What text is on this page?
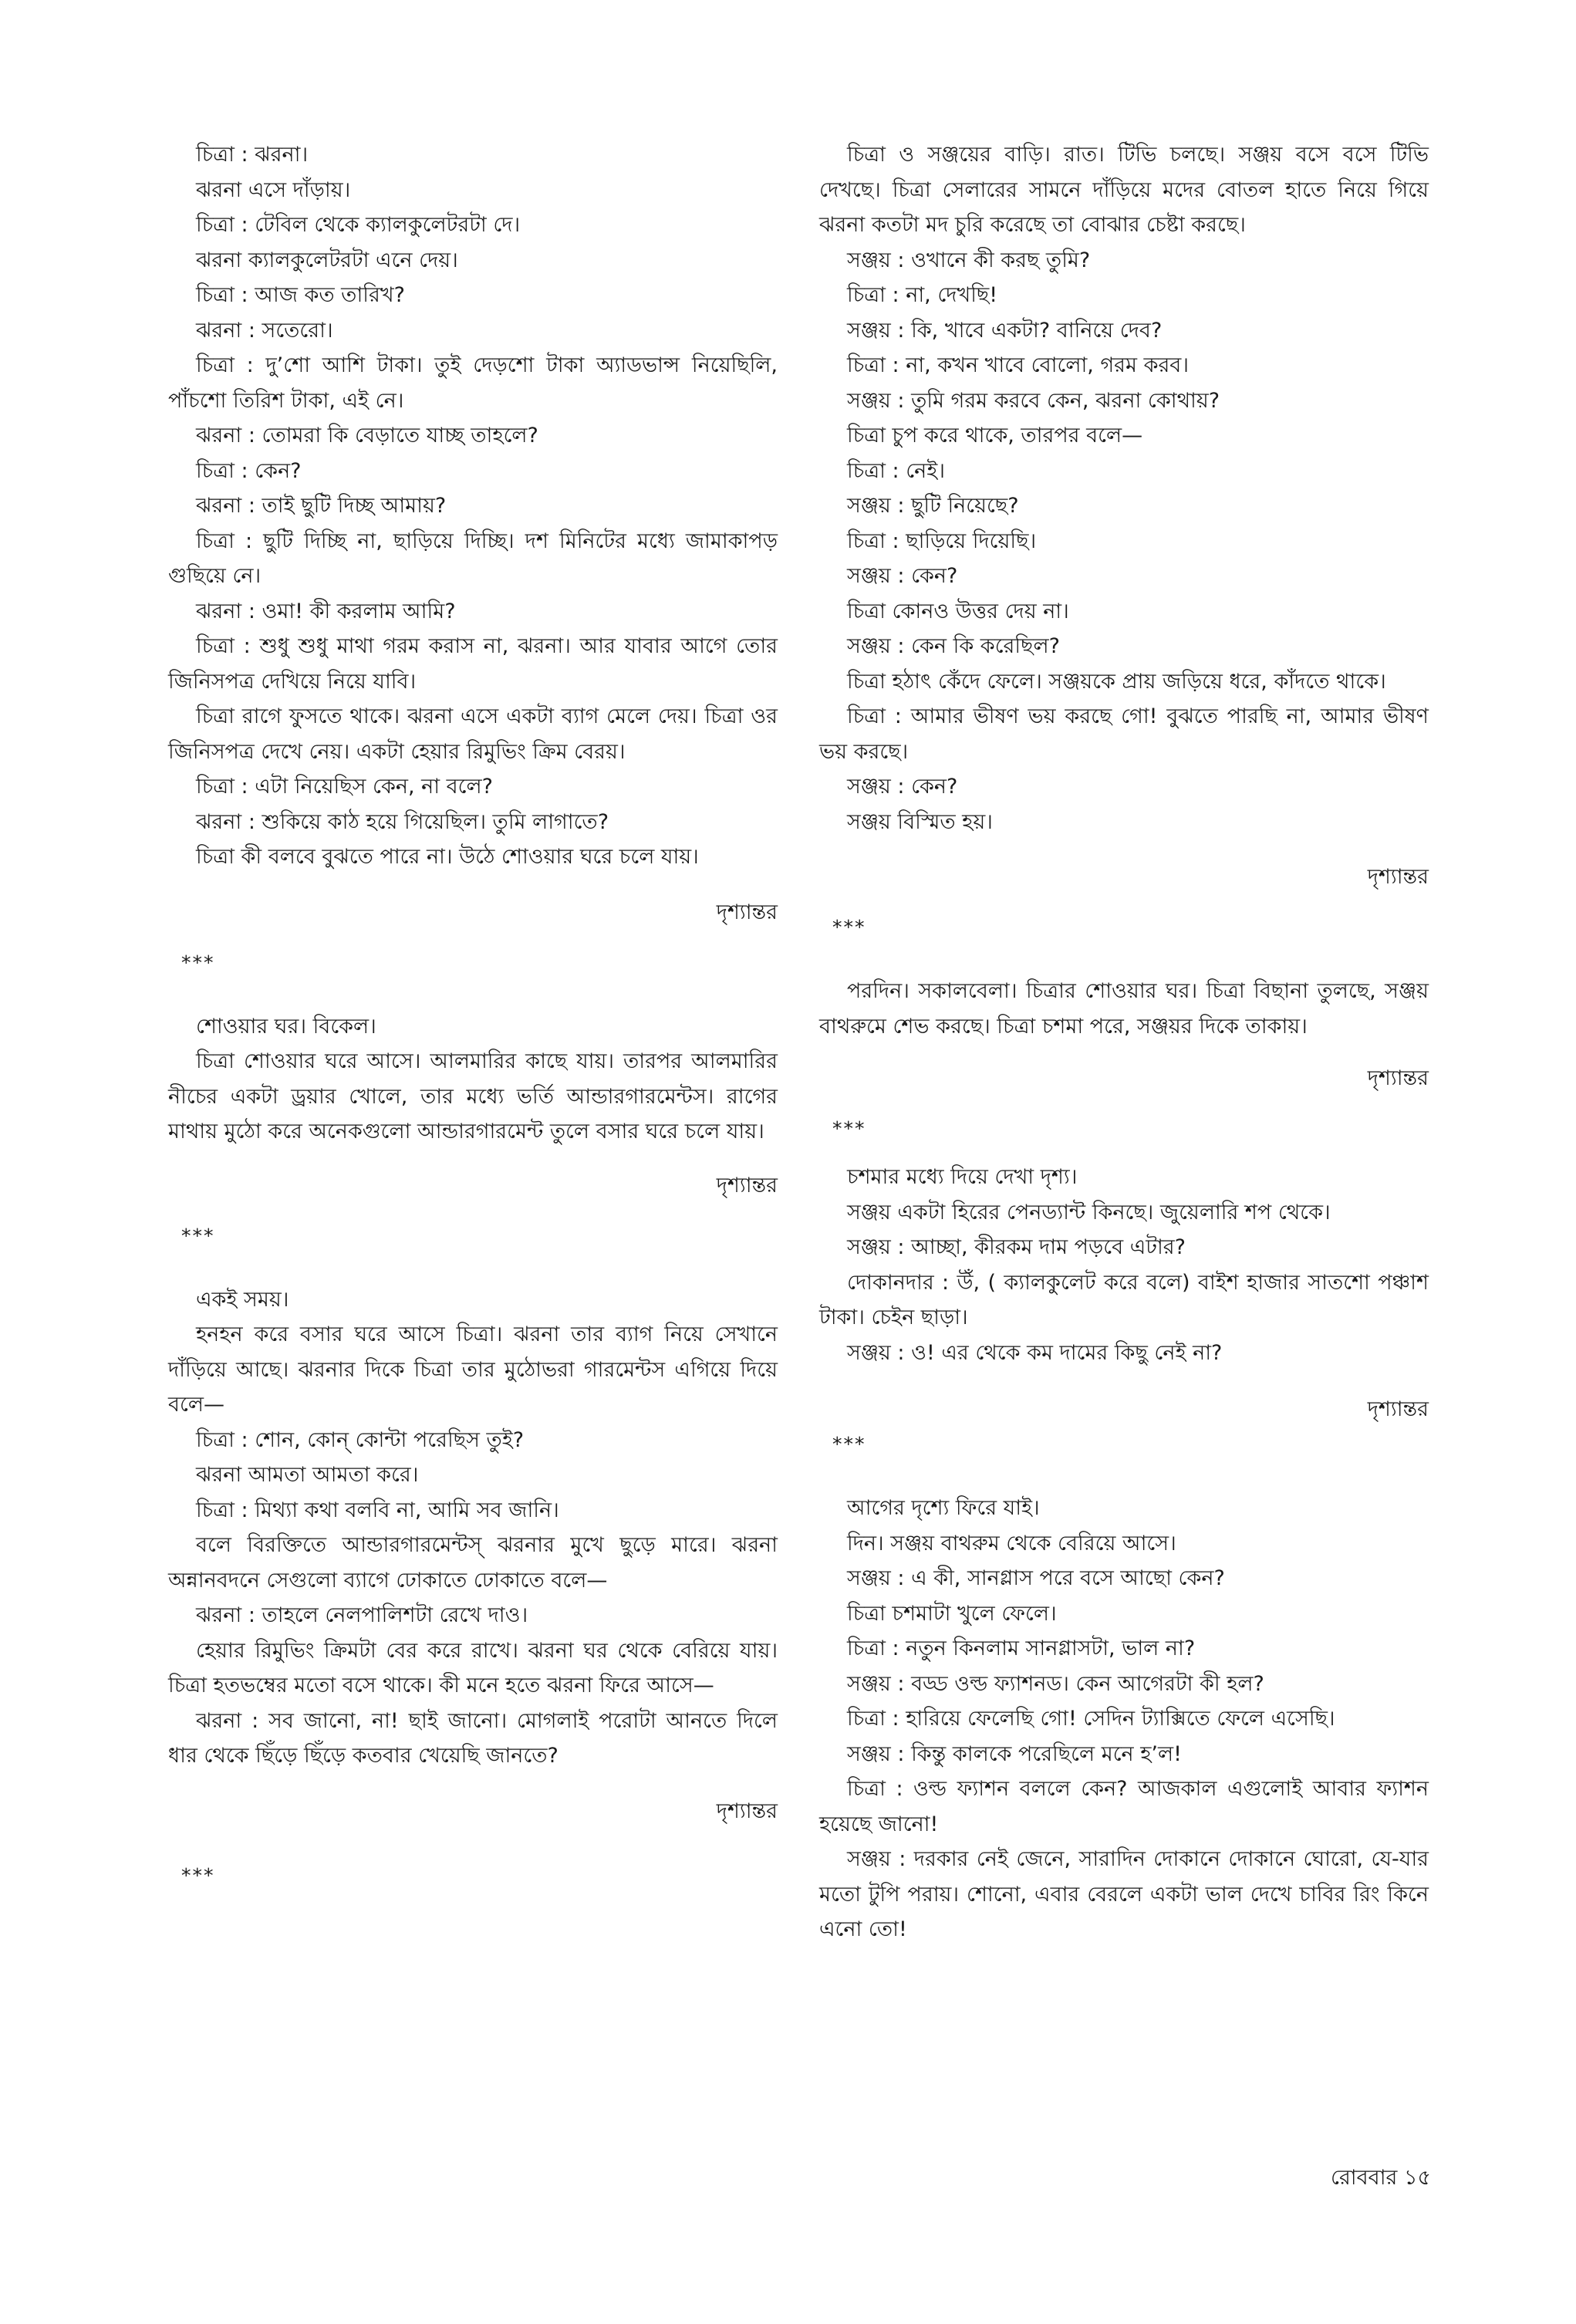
চিত্রা : ঝরনা।

ঝরনা এসে দাঁড়ায়।

চিত্রা : টেবিল থেকে ক্যালকুলেটরটা দে।

ঝরনা ক্যালকুলেটরটা এনে দেয়।

চিত্রা : আজ কত তারিখ?

ঝরনা : সতেরো।

চিত্রা : দু’শো আশি টাকা। তুই দেড়শো টাকা অ্যাডভান্স নিয়েছিলি, পাঁচশো তিরিশ টাকা, এই নে।

ঝরনা : তোমরা কি বেড়াতে যাচ্ছ তাহলে?

চিত্রা : কেন?

ঝরনা : তাই ছুটি দিচ্ছ আমায়?

চিত্রা : ছুটি দিচ্ছি না, ছাড়িয়ে দিচ্ছি। দশ মিনিটের মধ্যে জামাকাপড় গুছিয়ে নে।

ঝরনা : ওমা! কী করলাম আমি?

চিত্রা : শুধু শুধু মাথা গরম করাস না, ঝরনা। আর যাবার আগে তোর জিনিসপত্র দেখিয়ে নিয়ে যাবি।

চিত্রা রাগে ফুসতে থাকে। ঝরনা এসে একটা ব্যাগ মেলে দেয়। চিত্রা ওর জিনিসপত্র দেখে নেয়। একটা হেয়ার রিমুভিং ক্রিম বেরয়।

চিত্রা : এটা নিয়েছিস কেন, না বলে?

ঝরনা : শুকিয়ে কাঠ হয়ে গিয়েছিল। তুমি লাগাতে?

চিত্রা কী বলবে বুঝতে পারে না। উঠে শোওয়ার ঘরে চলে যায়।

দৃশ্যান্তর
***

শোওয়ার ঘর। বিকেল।

চিত্রা শোওয়ার ঘরে আসে। আলমারির কাছে যায়। তারপর আলমারির নীচের একটা ড্রয়ার খোলে, তার মধ্যে ভর্তি আন্ডারগারমেন্টস। রাগের মাথায় মুঠো করে অনেকগুলো আন্ডারগারমেন্ট তুলে বসার ঘরে চলে যায়।

দৃশ্যান্তর
***

একই সময়।

হনহন করে বসার ঘরে আসে চিত্রা। ঝরনা তার ব্যাগ নিয়ে সেখানে দাঁড়িয়ে আছে। ঝরনার দিকে চিত্রা তার মুঠোভরা গারমেন্টস এগিয়ে দিয়ে বলে—

চিত্রা : শোন, কোন্ কোন্টা পরেছিস তুই?

ঝরনা আমতা আমতা করে।

চিত্রা : মিথ্যা কথা বলবি না, আমি সব জানি।

বলে বিরক্তিতে আন্ডারগারমেন্টস্ ঝরনার মুখে ছুড়ে মারে। ঝরনা অন্নানবদনে সেগুলো ব্যাগে ঢোকাতে ঢোকাতে বলে—

ঝরনা : তাহলে নেলপালিশটা রেখে দাও।

হেয়ার রিমুভিং ক্রিমটা বের করে রাখে। ঝরনা ঘর থেকে বেরিয়ে যায়। চিত্রা হতভম্বের মতো বসে থাকে। কী মনে হতে ঝরনা ফিরে আসে—

ঝরনা : সব জানো, না! ছাই জানো। মোগলাই পরোটা আনতে দিলে ধার থেকে ছিঁড়ে ছিঁড়ে কতবার খেয়েছি জানতে?

দৃশ্যান্তর
***

চিত্রা ও সঞ্জয়ের বাড়ি। রাত। টিভি চলছে। সঞ্জয় বসে বসে টিভি দেখছে। চিত্রা সেলারের সামনে দাঁড়িয়ে মদের বোতল হাতে নিয়ে গিয়ে ঝরনা কতটা মদ চুরি করেছে তা বোঝার চেষ্টা করছে।

সঞ্জয় : ওখানে কী করছ তুমি?

চিত্রা : না, দেখছি!

সঞ্জয় : কি, খাবে একটা? বানিয়ে দেব?

চিত্রা : না, কখন খাবে বোলো, গরম করব।

সঞ্জয় : তুমি গরম করবে কেন, ঝরনা কোথায়?

চিত্রা চুপ করে থাকে, তারপর বলে—

চিত্রা : নেই।

সঞ্জয় : ছুটি নিয়েছে?

চিত্রা : ছাড়িয়ে দিয়েছি।

সঞ্জয় : কেন?

চিত্রা কোনও উত্তর দেয় না।

সঞ্জয় : কেন কি করেছিল?

চিত্রা হঠাৎ কেঁদে ফেলে। সঞ্জয়কে প্রায় জড়িয়ে ধরে, কাঁদতে থাকে।

চিত্রা : আমার ভীষণ ভয় করছে গো! বুঝতে পারছি না, আমার ভীষণ ভয় করছে।

সঞ্জয় : কেন?

সঞ্জয় বিস্মিত হয়।

দৃশ্যান্তর
***

পরদিন। সকালবেলা। চিত্রার শোওয়ার ঘর। চিত্রা বিছানা তুলছে, সঞ্জয় বাথরুমে শেভ করছে। চিত্রা চশমা পরে, সঞ্জয়র দিকে তাকায়।

দৃশ্যান্তর
***

চশমার মধ্যে দিয়ে দেখা দৃশ্য।

সঞ্জয় একটা হিরের পেনড্যান্ট কিনছে। জুয়েলারি শপ থেকে।

সঞ্জয় : আচ্ছা, কীরকম দাম পড়বে এটার?

দোকানদার : উঁ, ( ক্যালকুলেট করে বলে) বাইশ হাজার সাতশো পঞ্চাশ টাকা। চেইন ছাড়া।

সঞ্জয় : ও! এর থেকে কম দামের কিছু নেই না?

দৃশ্যান্তর
***

আগের দৃশ্যে ফিরে যাই।

দিন। সঞ্জয় বাথরুম থেকে বেরিয়ে আসে।

সঞ্জয় : এ কী, সানগ্লাস পরে বসে আছো কেন?

চিত্রা চশমাটা খুলে ফেলে।

চিত্রা : নতুন কিনলাম সানগ্লাসটা, ভাল না?

সঞ্জয় : বড্ড ওল্ড ফ্যাশনড। কেন আগেরটা কী হল?

চিত্রা : হারিয়ে ফেলেছি গো! সেদিন ট্যাক্সিতে ফেলে এসেছি।

সঞ্জয় : কিন্তু কালকে পরেছিলে মনে হ’ল!

চিত্রা : ওল্ড ফ্যাশন বললে কেন? আজকাল এগুলোই আবার ফ্যাশন হয়েছে জানো!

সঞ্জয় : দরকার নেই জেনে, সারাদিন দোকানে দোকানে ঘোরো, যে-যার মতো টুপি পরায়। শোনো, এবার বেরলে একটা ভাল দেখে চাবির রিং কিনে এনো তো!

রোববার ১৫
